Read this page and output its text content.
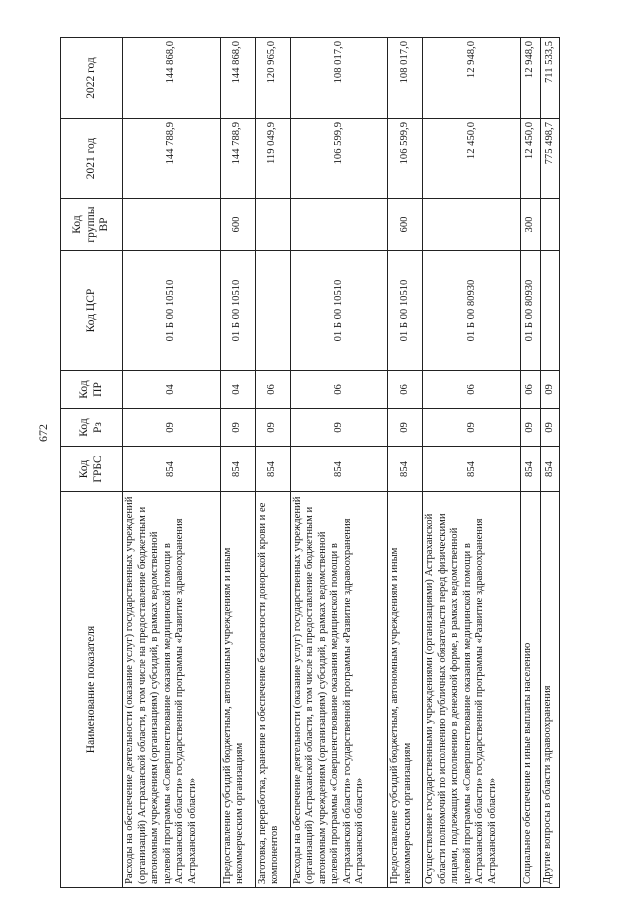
672
Наименование показателя	Код ГРБС	Код Рз	Код ПР	Код ЦСР	Код группы ВР	2021 год	2022 год
Расходы на обеспечение деятельности (оказание услуг) государственных учреждений (организаций) Астраханской области, в том числе на предоставление бюджетным и автономным учреждениям (организациям) субсидий, в рамках ведомственной целевой программы «Совершенствование оказания медицинской помощи в Астраханской области» государственной программы «Развитие здравоохранения Астраханской области»	854	09	04	01 Б 00 10510		144 788,9	144 868,0
Предоставление субсидий бюджетным, автономным учреждениям и иным некоммерческим организациям	854	09	04	01 Б 00 10510	600	144 788,9	144 868,0
Заготовка, переработка, хранение и обеспечение безопасности донорской крови и ее компонентов	854	09	06			119 049,9	120 965,0
Расходы на обеспечение деятельности (оказание услуг) государственных учреждений (организаций) Астраханской области, в том числе на предоставление бюджетным и автономным учреждениям (организациям) субсидий, в рамках ведомственной целевой программы «Совершенствование оказания медицинской помощи в Астраханской области» государственной программы «Развитие здравоохранения Астраханской области»	854	09	06	01 Б 00 10510		106 599,9	108 017,0
Предоставление субсидий бюджетным, автономным учреждениям и иным некоммерческим организациям	854	09	06	01 Б 00 10510	600	106 599,9	108 017,0
Осуществление государственными учреждениями (организациями) Астраханской области полномочий по исполнению публичных обязательств перед физическими лицами, подлежащих исполнению в денежной форме, в рамках ведомственной целевой программы «Совершенствование оказания медицинской помощи в Астраханской области» государственной программы «Развитие здравоохранения Астраханской области»	854	09	06	01 Б 00 80930		12 450,0	12 948,0
Социальное обеспечение и иные выплаты населению	854	09	06	01 Б 00 80930	300	12 450,0	12 948,0
Другие вопросы в области здравоохранения	854	09	09			775 498,7	711 533,5
